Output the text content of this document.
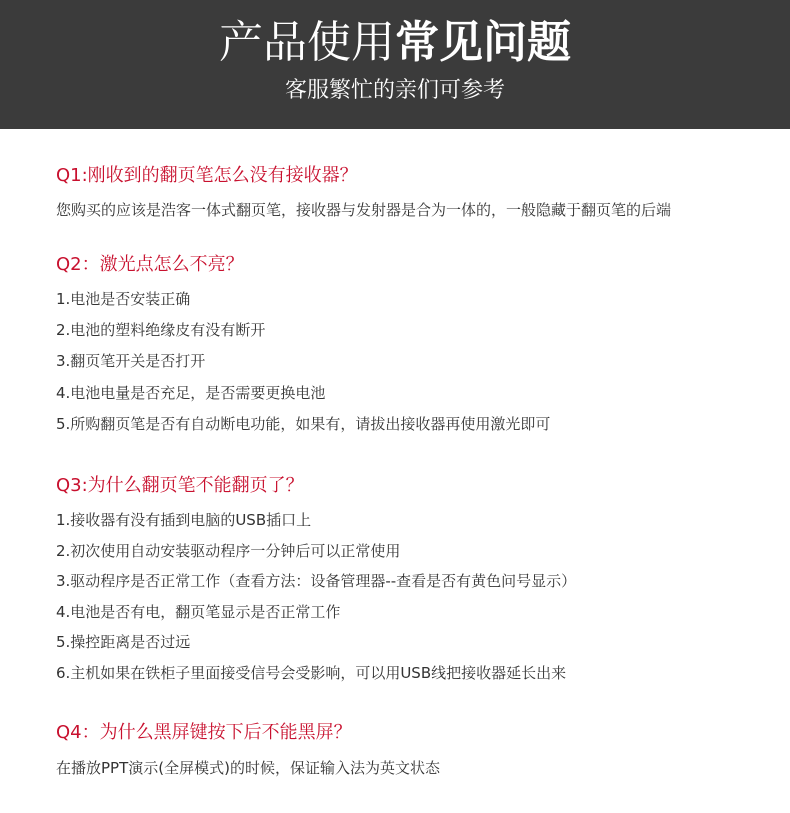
产品使用常见问题
客服繁忙的亲们可参考
Q1:刚收到的翻页笔怎么没有接收器？
您购买的应该是浩客一体式翻页笔，接收器与发射器是合为一体的，一般隐藏于翻页笔的后端
Q2：激光点怎么不亮？
1.电池是否安装正确
2.电池的塑料绝缘皮有没有断开
3.翻页笔开关是否打开
4.电池电量是否充足，是否需要更换电池
5.所购翻页笔是否有自动断电功能，如果有，请拔出接收器再使用激光即可
Q3:为什么翻页笔不能翻页了？
1.接收器有没有插到电脑的USB插口上
2.初次使用自动安装驱动程序一分钟后可以正常使用
3.驱动程序是否正常工作（查看方法：设备管理器--查看是否有黄色问号显示）
4.电池是否有电，翻页笔显示是否正常工作
5.操控距离是否过远
6.主机如果在铁柜子里面接受信号会受影响，可以用USB线把接收器延长出来
Q4：为什么黑屏键按下后不能黑屏？
在播放PPT演示(全屏模式)的时候，保证输入法为英文状态
